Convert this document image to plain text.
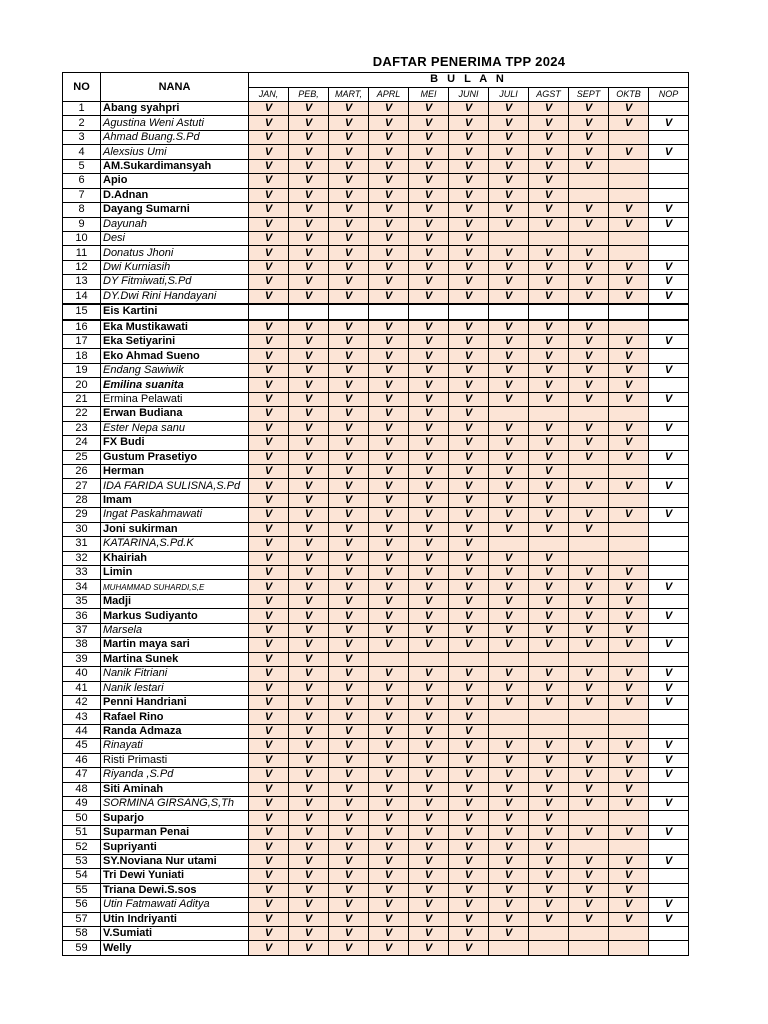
DAFTAR PENERIMA TPP 2024
NO	NANA	B U L A N										
		JAN,	PEB,	MART,	APRL	MEI	JUNI	JULI	AGST	SEPT	OKTB	NOP
1	Abang syahpri	V	V	V	V	V	V	V	V	V	V	
2	Agustina Weni Astuti	V	V	V	V	V	V	V	V	V	V	V
3	Ahmad Buang.S.Pd	V	V	V	V	V	V	V	V	V		
4	Alexsius Umi	V	V	V	V	V	V	V	V	V	V	V
5	AM.Sukardimansyah	V	V	V	V	V	V	V	V	V		
6	Apio	V	V	V	V	V	V	V	V			
7	D.Adnan	V	V	V	V	V	V	V	V			
8	Dayang Sumarni	V	V	V	V	V	V	V	V	V	V	V
9	Dayunah	V	V	V	V	V	V	V	V	V	V	V
10	Desi	V	V	V	V	V	V					
11	Donatus Jhoni	V	V	V	V	V	V	V	V	V		
12	Dwi Kurniasih	V	V	V	V	V	V	V	V	V	V	V
13	DY Fitmiwati,S.Pd	V	V	V	V	V	V	V	V	V	V	V
14	DY.Dwi Rini Handayani	V	V	V	V	V	V	V	V	V	V	V
15	Eis Kartini											
16	Eka Mustikawati	V	V	V	V	V	V	V	V	V		
17	Eka Setiyarini	V	V	V	V	V	V	V	V	V	V	V
18	Eko Ahmad Sueno	V	V	V	V	V	V	V	V	V	V	
19	Endang Sawiwik	V	V	V	V	V	V	V	V	V	V	V
20	Emilina suanita	V	V	V	V	V	V	V	V	V	V	
21	Ermina Pelawati	V	V	V	V	V	V	V	V	V	V	V
22	Erwan Budiana	V	V	V	V	V	V					
23	Ester Nepa sanu	V	V	V	V	V	V	V	V	V	V	V
24	FX Budi	V	V	V	V	V	V	V	V	V	V	
25	Gustum Prasetiyo	V	V	V	V	V	V	V	V	V	V	V
26	Herman	V	V	V	V	V	V	V	V			
27	IDA FARIDA SULISNA,S.Pd	V	V	V	V	V	V	V	V	V	V	V
28	Imam	V	V	V	V	V	V	V	V			
29	Ingat Paskahmawati	V	V	V	V	V	V	V	V	V	V	V
30	Joni sukirman	V	V	V	V	V	V	V	V	V		
31	KATARINA,S.Pd.K	V	V	V	V	V	V					
32	Khairiah	V	V	V	V	V	V	V	V			
33	Limin	V	V	V	V	V	V	V	V	V	V	
34	MUHAMMAD SUHARDI,S,E	V	V	V	V	V	V	V	V	V	V	V
35	Madji	V	V	V	V	V	V	V	V	V	V	
36	Markus Sudiyanto	V	V	V	V	V	V	V	V	V	V	V
37	Marsela	V	V	V	V	V	V	V	V	V	V	
38	Martin maya sari	V	V	V	V	V	V	V	V	V	V	V
39	Martina Sunek	V	V	V								
40	Nanik Fitriani	V	V	V	V	V	V	V	V	V	V	V
41	Nanik lestari	V	V	V	V	V	V	V	V	V	V	V
42	Penni Handriani	V	V	V	V	V	V	V	V	V	V	V
43	Rafael Rino	V	V	V	V	V	V					
44	Randa Admaza	V	V	V	V	V	V					
45	Rinayati	V	V	V	V	V	V	V	V	V	V	V
46	Risti Primasti	V	V	V	V	V	V	V	V	V	V	V
47	Riyanda ,S.Pd	V	V	V	V	V	V	V	V	V	V	V
48	Siti Aminah	V	V	V	V	V	V	V	V	V	V	
49	SORMINA GIRSANG,S,Th	V	V	V	V	V	V	V	V	V	V	V
50	Suparjo	V	V	V	V	V	V	V	V			
51	Suparman Penai	V	V	V	V	V	V	V	V	V	V	V
52	Supriyanti	V	V	V	V	V	V	V	V			
53	SY.Noviana Nur utami	V	V	V	V	V	V	V	V	V	V	V
54	Tri Dewi Yuniati	V	V	V	V	V	V	V	V	V	V	
55	Triana Dewi.S.sos	V	V	V	V	V	V	V	V	V	V	
56	Utin Fatmawati Aditya	V	V	V	V	V	V	V	V	V	V	V
57	Utin Indriyanti	V	V	V	V	V	V	V	V	V	V	V
58	V.Sumiati	V	V	V	V	V	V	V				
59	Welly	V	V	V	V	V	V					
